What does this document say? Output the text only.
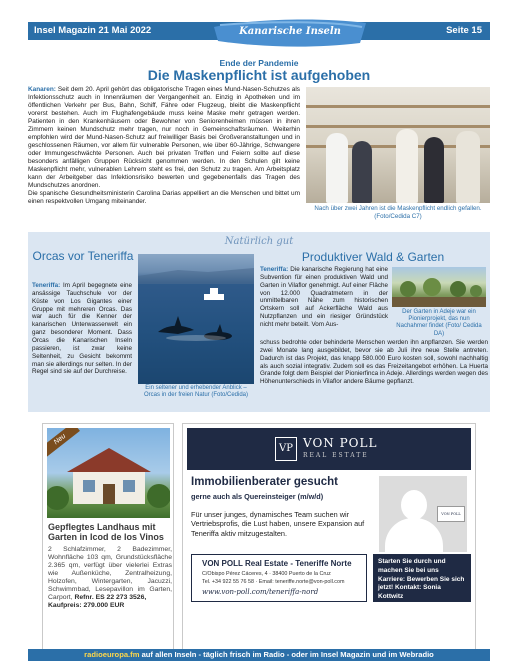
Insel Magazin 21 Mai 2022	Seite 15
Kanarische Inseln
Ende der Pandemie
Die Maskenpflicht ist aufgehoben
Kanaren: Seit dem 20. April gehört das obligatorische Tragen eines Mund-Nasen-Schutzes als Infektionsschutz auch in Innenräumen der Vergangenheit an. Einzig in Apotheken und im öffentlichen Verkehr per Bus, Bahn, Schiff, Fähre oder Flugzeug, bleibt die Maskenpflicht vorerst bestehen. Auch im Flughafengebäude muss keine Maske mehr getragen werden. Patienten in den Krankenhäusern oder Bewohner von Seniorenheimen müssen in ihren Zimmern keinen Mundschutz mehr tragen, nur noch in Gemeinschaftsräumen. Weiterhin empfohlen wird der Mund-Nasen-Schutz auf freiwilliger Basis bei Großveranstaltungen und in geschlossenen Räumen, vor allem für vulnerable Personen, wie über 60-Jährige, Schwangere oder Immungeschwächte Personen. Auch bei privaten Treffen und Feiern sollte auf diese besonders anfälligen Gruppen Rücksicht genommen werden. In den Schulen gilt keine Maskenpflicht mehr, vulnerablen Lehrern steht es frei, den Schutz zu tragen. Am Arbeitsplatz kann der Arbeitgeber das Infektionsrisiko bewerten und gegebenenfalls das Tragen des Mundschutzes anordnen.
Die spanische Gesundheitsministerin Carolina Darias appelliert an die Menschen und bittet um einen respektvollen Umgang miteinander.
Nach über zwei Jahren ist die Maskenpflicht endlich gefallen. (Foto/Cedida C7)
Natürlich gut
Orcas vor Teneriffa
Teneriffa: Im April begegnete eine ansässige Tauchschule vor der Küste von Los Gigantes einer Gruppe mit mehreren Orcas. Das war auch für die Kenner der kanarischen Unterwasserwelt ein ganz besonderer Moment. Dass Orcas die Kanarischen Inseln passieren, ist zwar keine Seltenheit, zu Gesicht bekommt man sie allerdings nur selten. In der Regel sind sie auf der Durchreise.
Ein seltener und erhebender Anblick – Orcas in der freien Natur (Foto/Cedida)
Produktiver Wald & Garten
Teneriffa: Die kanarische Regierung hat eine Subvention für einen produktiven Wald und Garten in Vilaflor genehmigt. Auf einer Fläche von 12.000 Quadratmetern in der unmittelbaren Nähe zum historischen Ortskern soll auf Ackerfläche Wald aus Nutzpflanzen und ein riesiger Gründstück nicht mehr beteilt. Vom Aus-
Der Garten in Adeje war ein Pionierprojekt, das nun Nachahmer findet (Foto/ Cedida DA)
schuss bedrohte oder behinderte Menschen werden ihn anpflanzen. Sie werden zwei Monate lang ausgebildet, bevor sie ab Juli ihre neue Stelle antreten. Dadurch ist das Projekt, das knapp 580.000 Euro kosten soll, sowohl nachhaltig als auch sozial integrativ. Zudem soll es das Freizeitangebot erhöhen. La Huerta Grande folgt dem Beispiel der Pionierfinca in Adeje. Allerdings werden wegen des Höhenunterschieds in Vilaflor andere Bäume gepflanzt.
Neu
Gepflegtes Landhaus mit Garten in Icod de los Vinos
2 Schlafzimmer, 2 Badezimmer, Wohnfläche 103 qm, Grundstücksfläche 2.365 qm, verfügt über vielerlei Extras wie Außenküche, Zentralheizung, Holzofen, Wintergarten, Jacuzzi, Schwimmbad, Lesepavillon im Garten, Carport, Refnr. ES 22 273 3526,
Kaufpreis: 279.000 EUR
VP VON POLL
REAL ESTATE
Immobilienberater gesucht
gerne auch als Quereinsteiger (m/w/d)
Für unser junges, dynamisches Team suchen wir Vertriebsprofis, die Lust haben, unsere Expansion auf Teneriffa aktiv mitzugestalten.
VON POLL
VON POLL Real Estate - Teneriffe Norte
C/Obispo Pérez Cáceres, 4 · 38400 Puerto de la Cruz
Tel. +34 922 55 76 58 · Email: teneriffe.norte@von-poll.com
www.von-poll.com/teneriffa-nord
Starten Sie durch und machen Sie bei uns Karriere: Bewerben Sie sich jetzt! Kontakt: Sonia Kottwitz
radioeuropa.fm auf allen Inseln - täglich frisch im Radio - oder im Insel Magazin und im Webradio
